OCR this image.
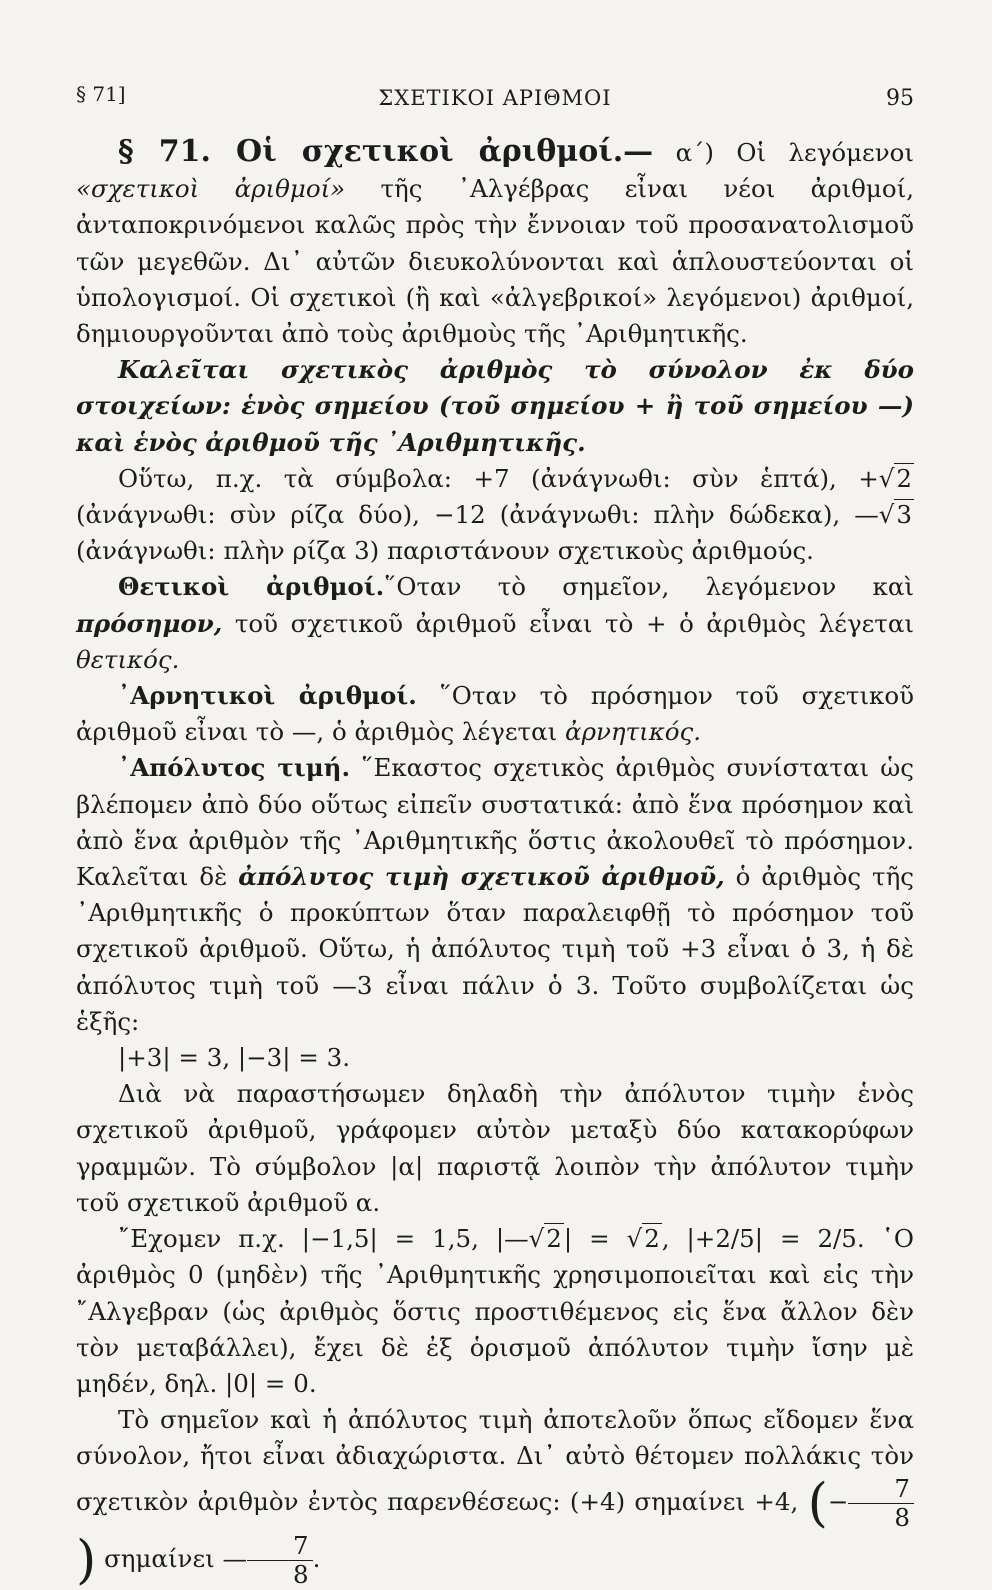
§ 71]	ΣΧΕΤΙΚΟΙ ΑΡΙΘΜΟΙ	95

§ 71. Οἱ σχετικοὶ ἀριθμοί.— α΄) Οἱ λεγόμενοι «σχετικοὶ ἀριθμοί» τῆς ᾿Αλγέβρας εἶναι νέοι ἀριθμοί, ἀνταποκρινόμενοι καλῶς πρὸς τὴν ἔννοιαν τοῦ προσανατολισμοῦ τῶν μεγεθῶν. Δι᾿ αὐτῶν διευκολύνονται καὶ ἁπλουστεύονται οἱ ὑπολογισμοί. Οἱ σχετικοὶ (ἢ καὶ «ἀλγεβρικοί» λεγόμενοι) ἀριθμοί, δημιουργοῦνται ἀπὸ τοὺς ἀριθμοὺς τῆς ᾿Αριθμητικῆς.

Καλεῖται σχετικὸς ἀριθμὸς τὸ σύνολον ἐκ δύο στοιχείων: ἑνὸς σημείου (τοῦ σημείου + ἢ τοῦ σημείου —) καὶ ἑνὸς ἀριθμοῦ τῆς ᾿Αριθμητικῆς.

Οὕτω, π.χ. τὰ σύμβολα: +7 (ἀνάγνωθι: σὺν ἑπτά), +√2 (ἀνάγνωθι: σὺν ρίζα δύο), −12 (ἀνάγνωθι: πλὴν δώδεκα), —√3 (ἀνάγνωθι: πλὴν ρίζα 3) παριστάνουν σχετικοὺς ἀριθμούς.

Θετικοὶ ἀριθμοί.῞Οταν τὸ σημεῖον, λεγόμενον καὶ πρόσημον, τοῦ σχετικοῦ ἀριθμοῦ εἶναι τὸ + ὁ ἀριθμὸς λέγεται θετικός.

᾿Αρνητικοὶ ἀριθμοί. ῞Οταν τὸ πρόσημον τοῦ σχετικοῦ ἀριθμοῦ εἶναι τὸ —, ὁ ἀριθμὸς λέγεται ἀρνητικός.

᾿Απόλυτος τιμή. ῞Εκαστος σχετικὸς ἀριθμὸς συνίσταται ὡς βλέπομεν ἀπὸ δύο οὕτως εἰπεῖν συστατικά: ἀπὸ ἕνα πρόσημον καὶ ἀπὸ ἕνα ἀριθμὸν τῆς ᾿Αριθμητικῆς ὅστις ἀκολουθεῖ τὸ πρόσημον. Καλεῖται δὲ ἀπόλυτος τιμὴ σχετικοῦ ἀριθμοῦ, ὁ ἀριθμὸς τῆς ᾿Αριθμητικῆς ὁ προκύπτων ὅταν παραλειφθῇ τὸ πρόσημον τοῦ σχετικοῦ ἀριθμοῦ. Οὕτω, ἡ ἀπόλυτος τιμὴ τοῦ +3 εἶναι ὁ 3, ἡ δὲ ἀπόλυτος τιμὴ τοῦ —3 εἶναι πάλιν ὁ 3. Τοῦτο συμβολίζεται ὡς ἑξῆς:

|+3| = 3, |−3| = 3.

Διὰ νὰ παραστήσωμεν δηλαδὴ τὴν ἀπόλυτον τιμὴν ἑνὸς σχετικοῦ ἀριθμοῦ, γράφομεν αὐτὸν μεταξὺ δύο κατακορύφων γραμμῶν. Τὸ σύμβολον |α| παριστᾷ λοιπὸν τὴν ἀπόλυτον τιμὴν τοῦ σχετικοῦ ἀριθμοῦ α.

῎Εχομεν π.χ. |−1,5| = 1,5, |—√2| = √2, |+2/5| = 2/5. ῾Ο ἀριθμὸς 0 (μηδὲν) τῆς ᾿Αριθμητικῆς χρησιμοποιεῖται καὶ εἰς τὴν ῎Αλγεβραν (ὡς ἀριθμὸς ὅστις προστιθέμενος εἰς ἕνα ἄλλον δὲν τὸν μεταβάλλει), ἔχει δὲ ἐξ ὁρισμοῦ ἀπόλυτον τιμὴν ἴσην μὲ μηδέν, δηλ. |0| = 0.

Τὸ σημεῖον καὶ ἡ ἀπόλυτος τιμὴ ἀποτελοῦν ὅπως εἴδομεν ἕνα σύνολον, ἤτοι εἶναι ἀδιαχώριστα. Δι᾿ αὐτὸ θέτομεν πολλάκις τὸν σχετικὸν ἀριθμὸν ἐντὸς παρενθέσεως: (+4) σημαίνει +4, (− $\frac{7}{8}$
) σημαίνει — $\frac{7}{8}$ .
